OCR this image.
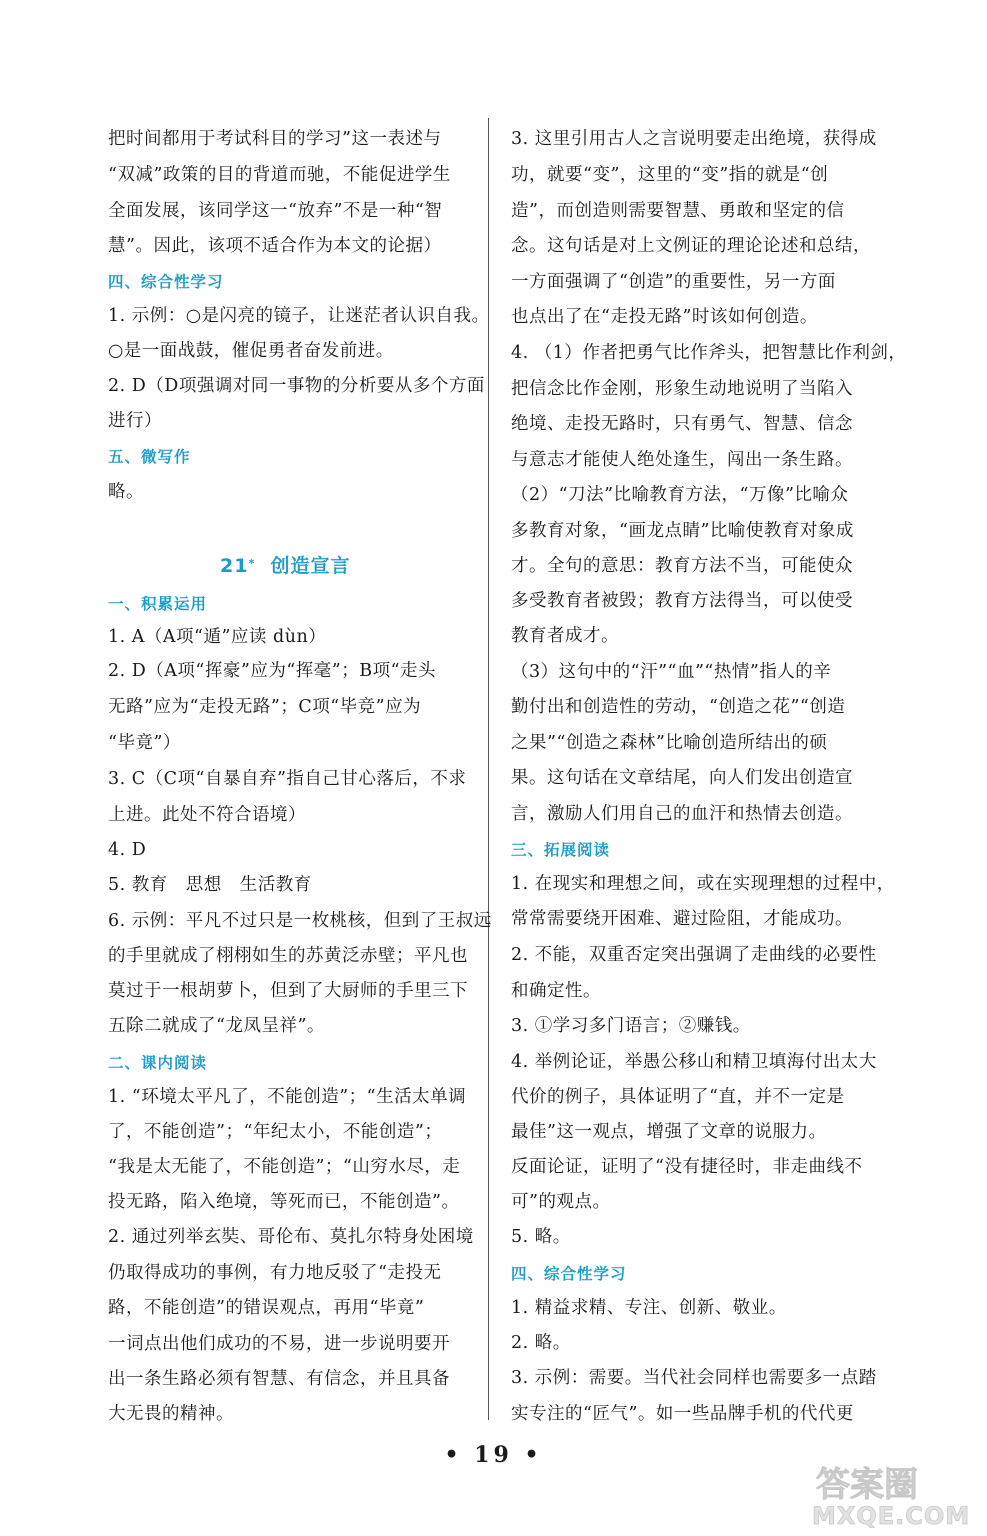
把时间都用于考试科目的学习”这一表述与
“双减”政策的目的背道而驰，不能促进学生
全面发展，该同学这一“放弃”不是一种“智
慧”。因此，该项不适合作为本文的论据）
四、综合性学习
1. 示例：○是闪亮的镜子，让迷茫者认识自我。
○是一面战鼓，催促勇者奋发前进。
2. D（D项强调对同一事物的分析要从多个方面
进行）
五、微写作
略。
21* 创造宣言
一、积累运用
1. A（A项“遁”应读 dùn）
2. D（A项“挥豪”应为“挥毫”；B项“走头
无路”应为“走投无路”；C项“毕竞”应为
“毕竟”）
3. C（C项“自暴自弃”指自己甘心落后，不求
上进。此处不符合语境）
4. D
5. 教育　思想　生活教育
6. 示例：平凡不过只是一枚桃核，但到了王叔远
的手里就成了栩栩如生的苏黄泛赤壁；平凡也
莫过于一根胡萝卜，但到了大厨师的手里三下
五除二就成了“龙凤呈祥”。
二、课内阅读
1. “环境太平凡了，不能创造”；“生活太单调
了，不能创造”；“年纪太小，不能创造”；
“我是太无能了，不能创造”；“山穷水尽，走
投无路，陷入绝境，等死而已，不能创造”。
2. 通过列举玄奘、哥伦布、莫扎尔特身处困境
仍取得成功的事例，有力地反驳了“走投无
路，不能创造”的错误观点，再用“毕竟”
一词点出他们成功的不易，进一步说明要开
出一条生路必须有智慧、有信念，并且具备
大无畏的精神。
3. 这里引用古人之言说明要走出绝境，获得成
功，就要“变”，这里的“变”指的就是“创
造”，而创造则需要智慧、勇敢和坚定的信
念。这句话是对上文例证的理论论述和总结，
一方面强调了“创造”的重要性，另一方面
也点出了在“走投无路”时该如何创造。
4. （1）作者把勇气比作斧头，把智慧比作利剑，
把信念比作金刚，形象生动地说明了当陷入
绝境、走投无路时，只有勇气、智慧、信念
与意志才能使人绝处逢生，闯出一条生路。
（2）“刀法”比喻教育方法，“万像”比喻众
多教育对象，“画龙点睛”比喻使教育对象成
才。全句的意思：教育方法不当，可能使众
多受教育者被毁；教育方法得当，可以使受
教育者成才。
（3）这句中的“汗”“血”“热情”指人的辛
勤付出和创造性的劳动，“创造之花”“创造
之果”“创造之森林”比喻创造所结出的硕
果。这句话在文章结尾，向人们发出创造宣
言，激励人们用自己的血汗和热情去创造。
三、拓展阅读
1. 在现实和理想之间，或在实现理想的过程中，
常常需要绕开困难、避过险阻，才能成功。
2. 不能，双重否定突出强调了走曲线的必要性
和确定性。
3. ①学习多门语言；②赚钱。
4. 举例论证，举愚公移山和精卫填海付出太大
代价的例子，具体证明了“直，并不一定是
最佳”这一观点，增强了文章的说服力。
反面论证，证明了“没有捷径时，非走曲线不
可”的观点。
5. 略。
四、综合性学习
1. 精益求精、专注、创新、敬业。
2. 略。
3. 示例：需要。当代社会同样也需要多一点踏
实专注的“匠气”。如一些品牌手机的代代更
• 19 •
答案圈
MXQE.COM
